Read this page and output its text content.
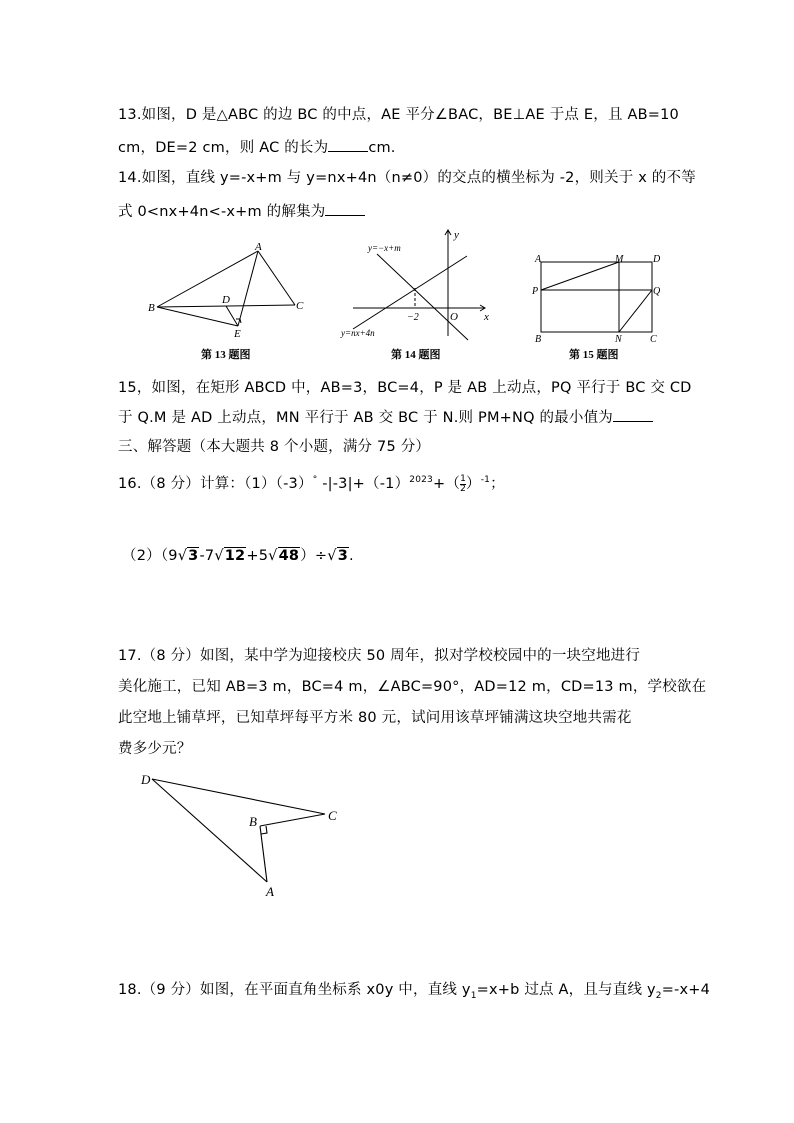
13.如图，D 是△ABC 的边 BC 的中点，AE 平分∠BAC，BE⊥AE 于点 E，且 AB=10
cm，DE=2 cm，则 AC 的长为	cm.
14.如图，直线 y=-x+m 与 y=nx+4n（n≠0）的交点的横坐标为 -2，则关于 x 的不等
式 0<nx+4n<-x+m 的解集为
A
B	C
D
E
第 13 题图
y
x
O
−2
y=−x+m
y=nx+4n
第 14 题图
A	M	D
P	Q
B	N	C
第 15 题图
15，如图，在矩形 ABCD 中，AB=3，BC=4，P 是 AB 上动点，PQ 平行于 BC 交 CD
于 Q.M 是 AD 上动点，MN 平行于 AB 交 BC 于 N.则 PM+NQ 的最小值为
三、解答题（本大题共 8 个小题，满分 75 分）
16.（8 分）计算：（1）（-3）° $-|-3|+(-1)^{2023}+( \frac{1}{2} )^{-1}$；
（2）（9√3-7√12+5√48）÷√3.
17.（8 分）如图，某中学为迎接校庆 50 周年，拟对学校校园中的一块空地进行
美化施工，已知 AB=3 m，BC=4 m，∠ABC=90°，AD=12 m，CD=13 m，学校欲在
此空地上铺草坪，已知草坪每平方米 80 元，试问用该草坪铺满这块空地共需花
费多少元？
D
B	C
A
18.（9 分）如图，在平面直角坐标系 x0y 中，直线 $y_1=x+b$ 过点 A，且与直线 $y_2=-x+4$
